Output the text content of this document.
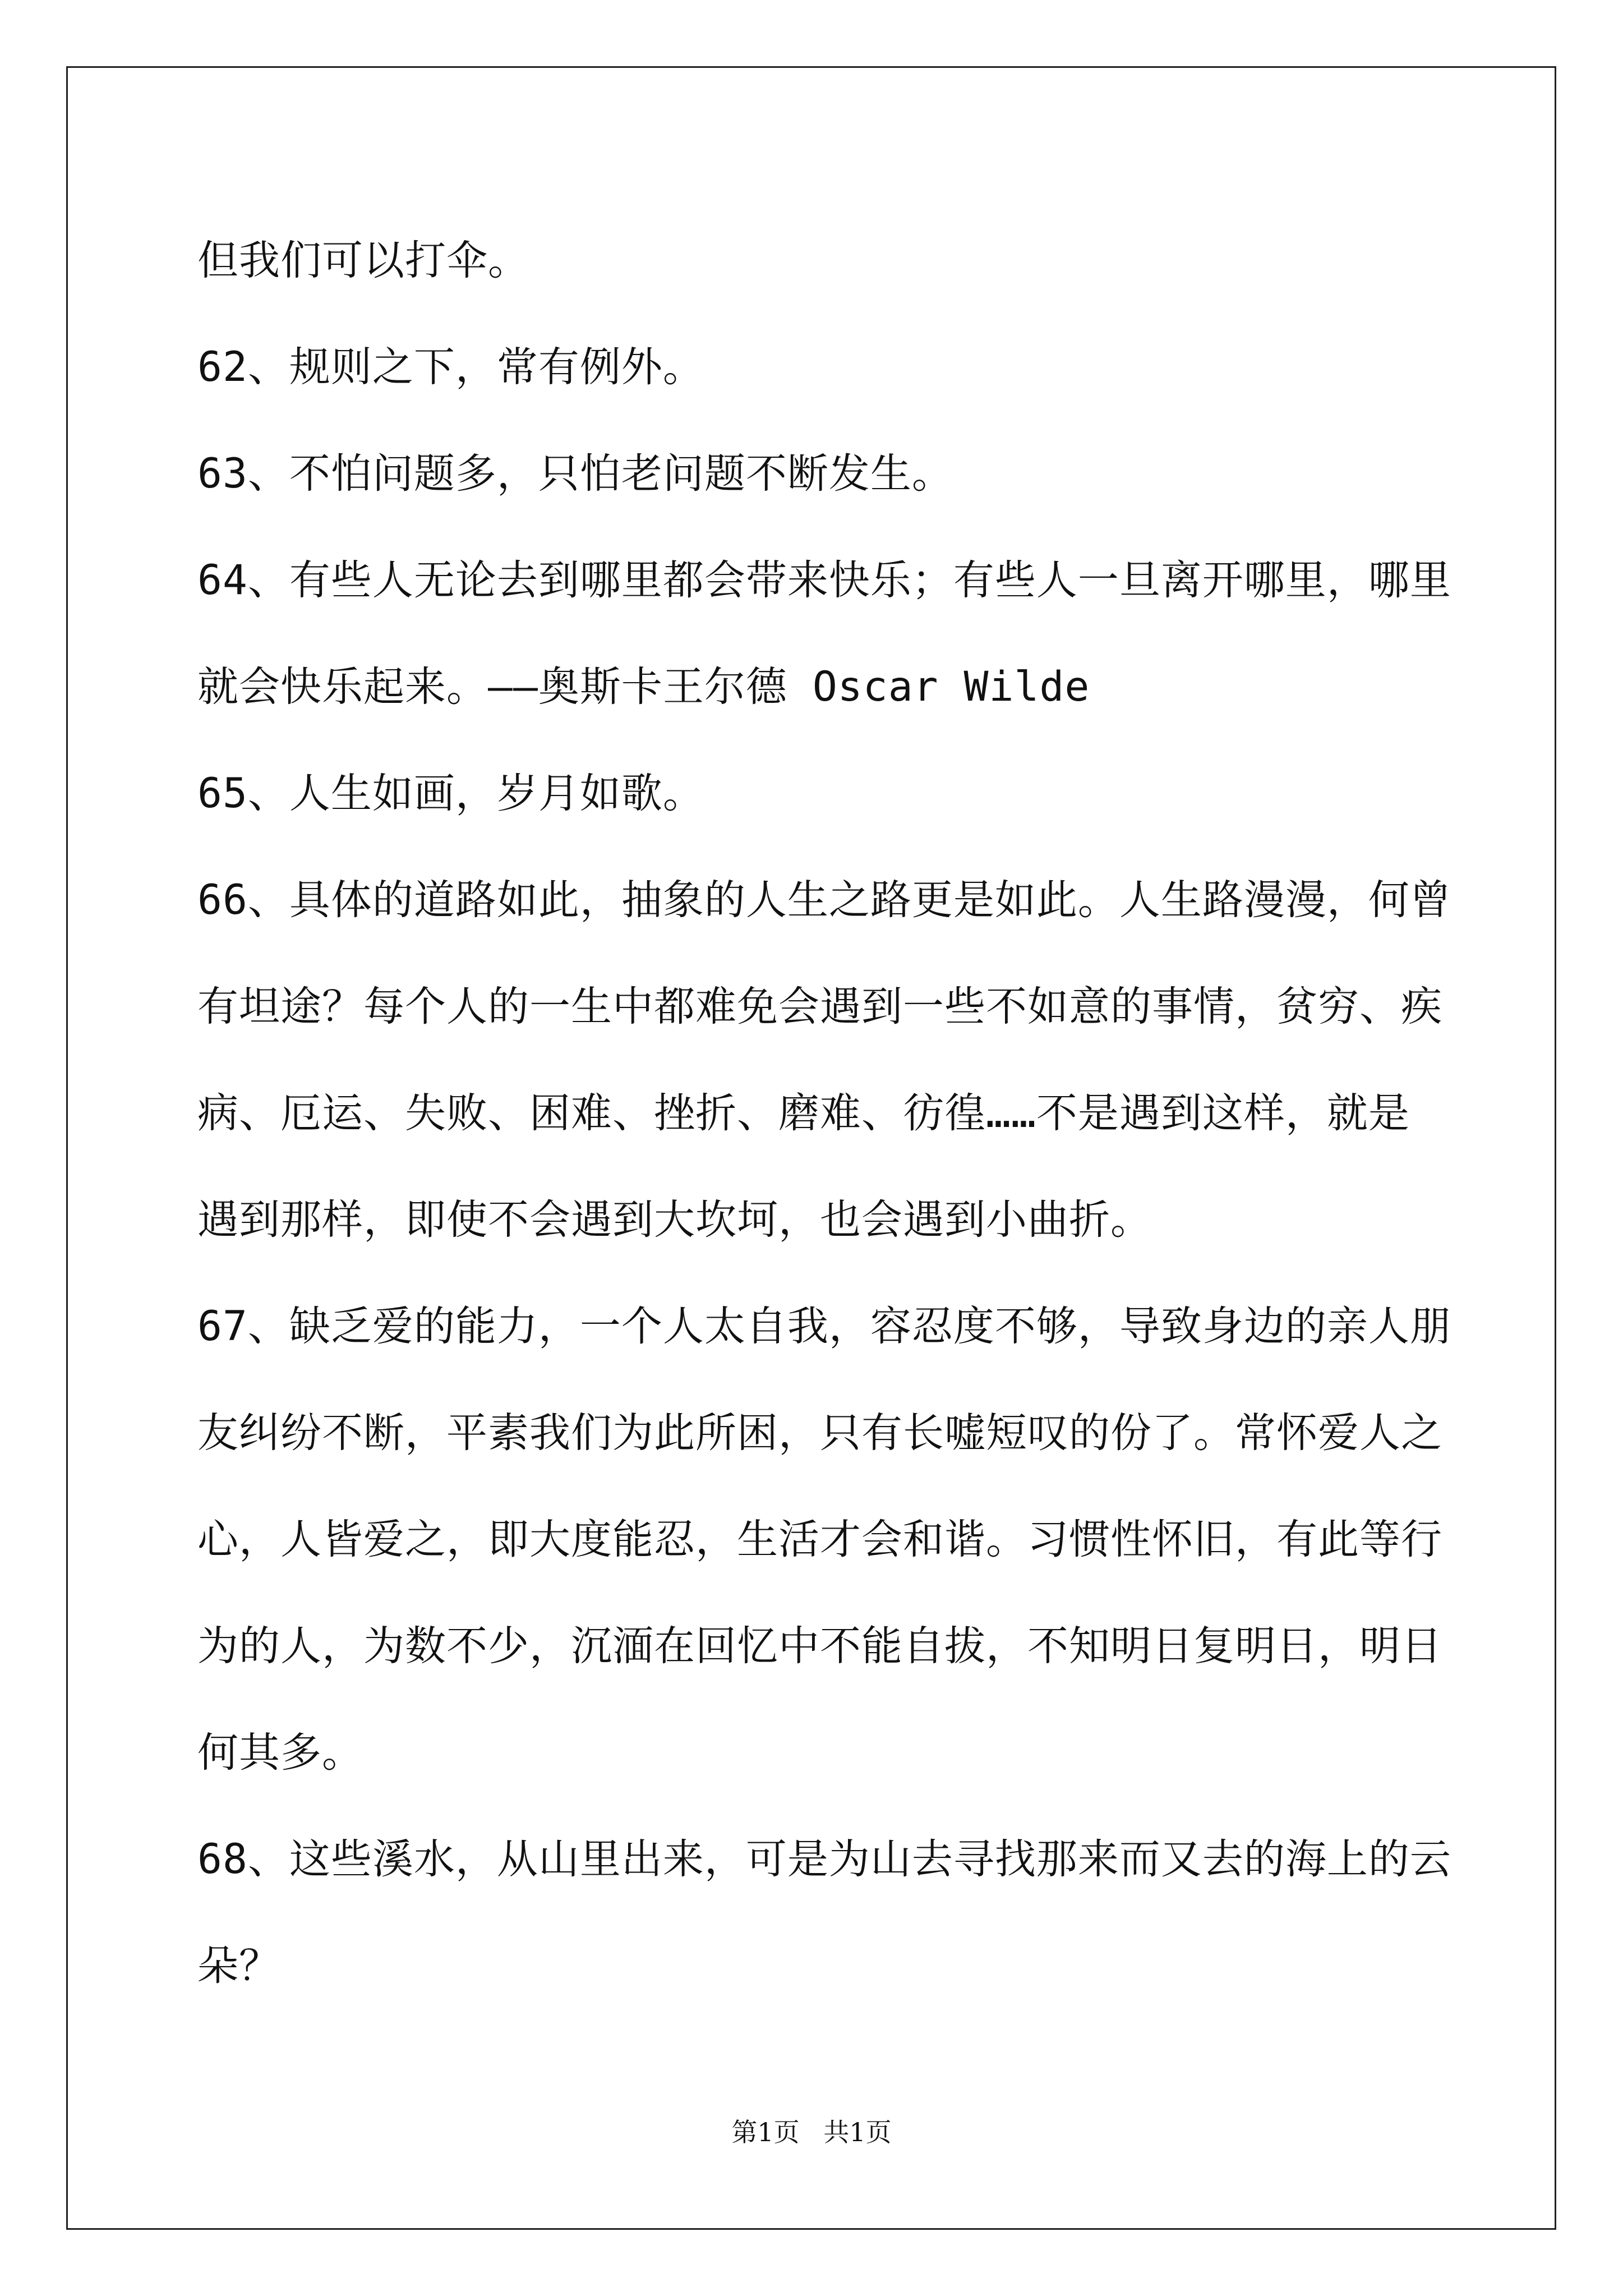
但我们可以打伞。
62、规则之下，常有例外。
63、不怕问题多，只怕老问题不断发生。
64、有些人无论去到哪里都会带来快乐；有些人一旦离开哪里，哪里
就会快乐起来。——奥斯卡王尔德 Oscar Wilde
65、人生如画，岁月如歌。
66、具体的道路如此，抽象的人生之路更是如此。人生路漫漫，何曾
有坦途？每个人的一生中都难免会遇到一些不如意的事情，贫穷、疾
病、厄运、失败、困难、挫折、磨难、彷徨……不是遇到这样，就是
遇到那样，即使不会遇到大坎坷，也会遇到小曲折。
67、缺乏爱的能力，一个人太自我，容忍度不够，导致身边的亲人朋
友纠纷不断，平素我们为此所困，只有长嘘短叹的份了。常怀爱人之
心，人皆爱之，即大度能忍，生活才会和谐。习惯性怀旧，有此等行
为的人，为数不少，沉湎在回忆中不能自拔，不知明日复明日，明日
何其多。
68、这些溪水，从山里出来，可是为山去寻找那来而又去的海上的云
朵？
第1页 共1页
